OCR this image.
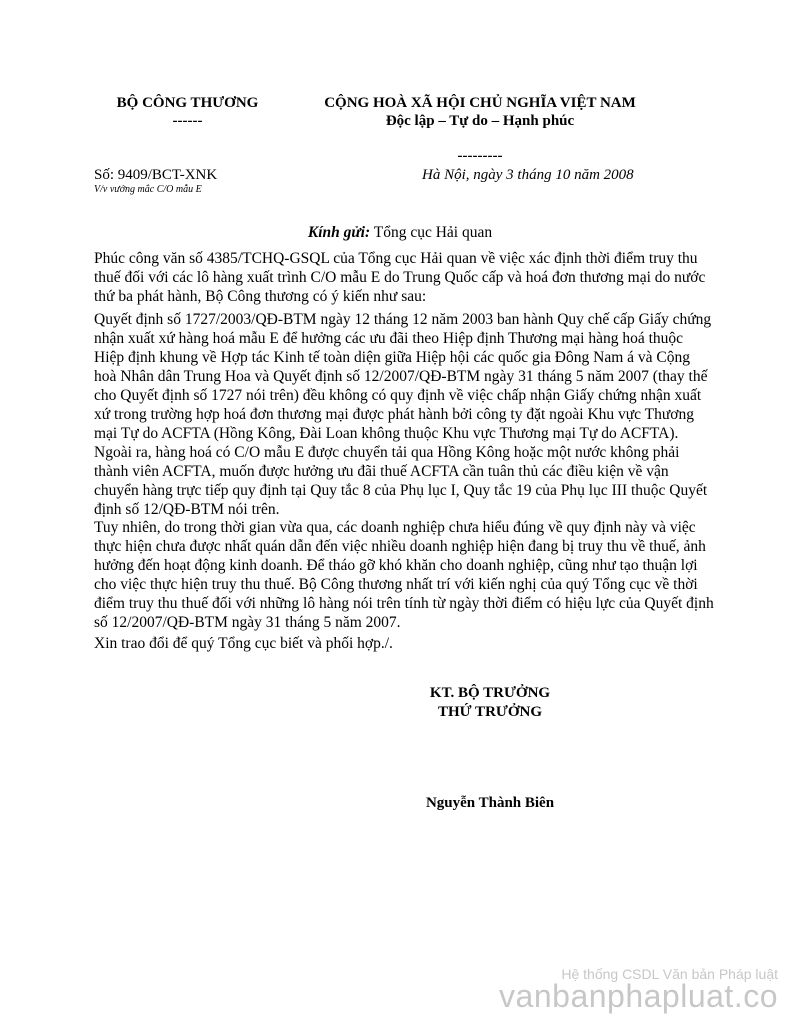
BỘ CÔNG THƯƠNG
------
CỘNG HOÀ XÃ HỘI CHỦ NGHĨA VIỆT NAM
Độc lập – Tự do – Hạnh phúc
---------
Số: 9409/BCT-XNK
V/v vướng mắc C/O mẫu E
Hà Nội, ngày 3 tháng 10 năm 2008
Kính gửi: Tổng cục Hải quan
Phúc công văn số 4385/TCHQ-GSQL của Tổng cục Hải quan về việc xác định thời điểm truy thu thuế đối với các lô hàng xuất trình C/O mẫu E do Trung Quốc cấp và hoá đơn thương mại do nước thứ ba phát hành, Bộ Công thương có ý kiến như sau:
Quyết định số 1727/2003/QĐ-BTM ngày 12 tháng 12 năm 2003 ban hành Quy chế cấp Giấy chứng nhận xuất xứ hàng hoá mẫu E để hưởng các ưu đãi theo Hiệp định Thương mại hàng hoá thuộc Hiệp định khung về Hợp tác Kinh tế toàn diện giữa Hiệp hội các quốc gia Đông Nam á và Cộng hoà Nhân dân Trung Hoa và Quyết định số 12/2007/QĐ-BTM ngày 31 tháng 5 năm 2007 (thay thế cho Quyết định số 1727 nói trên) đều không có quy định về việc chấp nhận Giấy chứng nhận xuất xứ trong trường hợp hoá đơn thương mại được phát hành bởi công ty đặt ngoài Khu vực Thương mại Tự do ACFTA (Hồng Kông, Đài Loan không thuộc Khu vực Thương mại Tự do ACFTA). Ngoài ra, hàng hoá có C/O mẫu E được chuyển tải qua Hồng Kông hoặc một nước không phải thành viên ACFTA, muốn được hưởng ưu đãi thuế ACFTA cần tuân thủ các điều kiện về vận chuyển hàng trực tiếp quy định tại Quy tắc 8 của Phụ lục I, Quy tắc 19 của Phụ lục III thuộc Quyết định số 12/QĐ-BTM nói trên.
Tuy nhiên, do trong thời gian vừa qua, các doanh nghiệp chưa hiểu đúng về quy định này và việc thực hiện chưa được nhất quán dẫn đến việc nhiều doanh nghiệp hiện đang bị truy thu về thuế, ảnh hưởng đến hoạt động kinh doanh. Để tháo gỡ khó khăn cho doanh nghiệp, cũng như tạo thuận lợi cho việc thực hiện truy thu thuế. Bộ Công thương nhất trí với kiến nghị của quý Tổng cục về thời điểm truy thu thuế đối với những lô hàng nói trên tính từ ngày thời điểm có hiệu lực của Quyết định số 12/2007/QĐ-BTM ngày 31 tháng 5 năm 2007.
Xin trao đổi để quý Tổng cục biết và phối hợp./.
KT. BỘ TRƯỞNG
THỨ TRƯỞNG
Nguyễn Thành Biên
Hệ thống CSDL Văn bản Pháp luật
vanbanphapluat.co
